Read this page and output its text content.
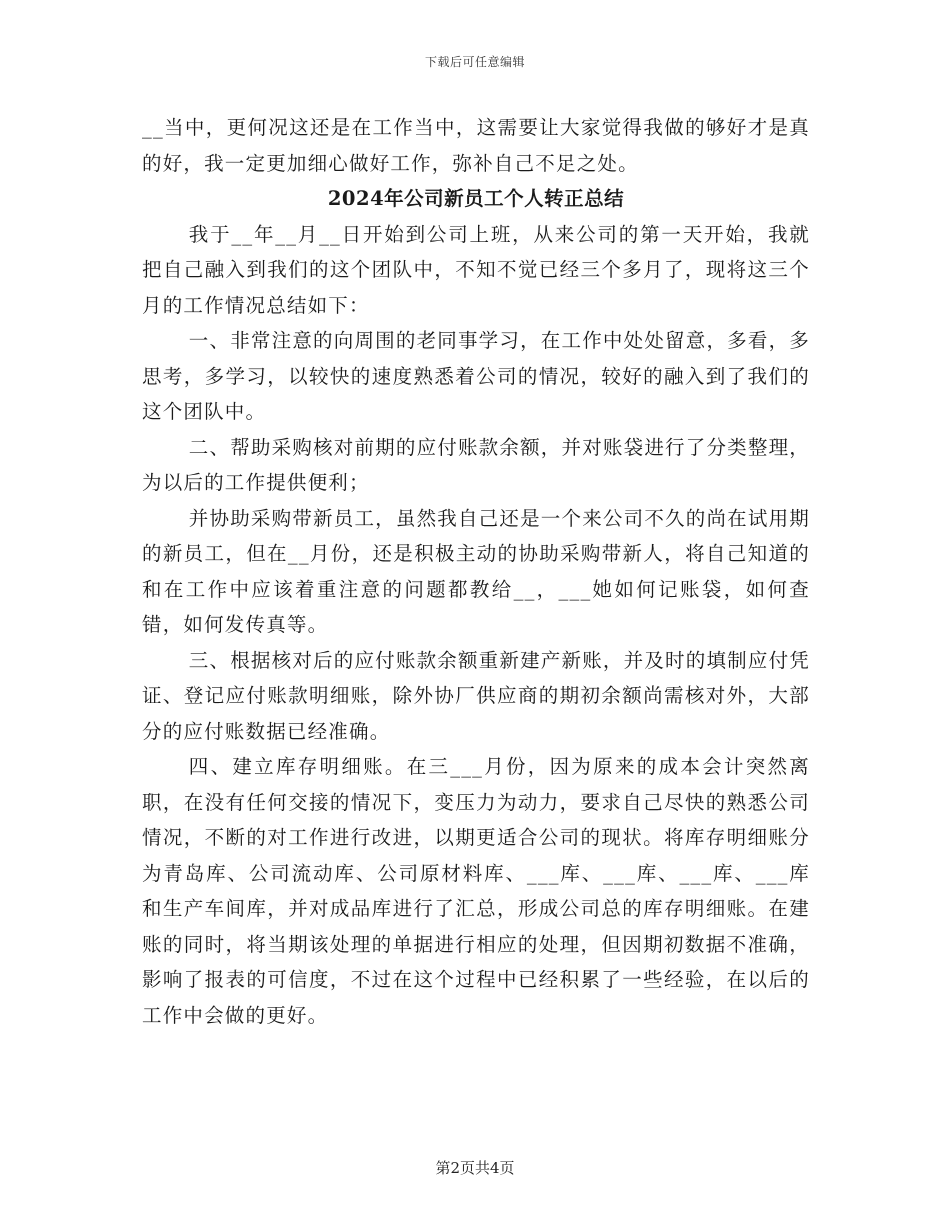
下载后可任意编辑

__当中，更何况这还是在工作当中，这需要让大家觉得我做的够好才是真的好，我一定更加细心做好工作，弥补自己不足之处。

2024年公司新员工个人转正总结

我于__年__月__日开始到公司上班，从来公司的第一天开始，我就把自己融入到我们的这个团队中，不知不觉已经三个多月了，现将这三个月的工作情况总结如下：

一、非常注意的向周围的老同事学习，在工作中处处留意，多看，多思考，多学习，以较快的速度熟悉着公司的情况，较好的融入到了我们的这个团队中。

二、帮助采购核对前期的应付账款余额，并对账袋进行了分类整理，为以后的工作提供便利；

并协助采购带新员工，虽然我自己还是一个来公司不久的尚在试用期的新员工，但在__月份，还是积极主动的协助采购带新人，将自己知道的和在工作中应该着重注意的问题都教给__，___她如何记账袋，如何查错，如何发传真等。

三、根据核对后的应付账款余额重新建产新账，并及时的填制应付凭证、登记应付账款明细账，除外协厂供应商的期初余额尚需核对外，大部分的应付账数据已经准确。

四、建立库存明细账。在三___月份，因为原来的成本会计突然离职，在没有任何交接的情况下，变压力为动力，要求自己尽快的熟悉公司情况，不断的对工作进行改进，以期更适合公司的现状。将库存明细账分为青岛库、公司流动库、公司原材料库、___库、___库、___库、___库和生产车间库，并对成品库进行了汇总，形成公司总的库存明细账。在建账的同时，将当期该处理的单据进行相应的处理，但因期初数据不准确，影响了报表的可信度，不过在这个过程中已经积累了一些经验，在以后的工作中会做的更好。

第2页共4页
